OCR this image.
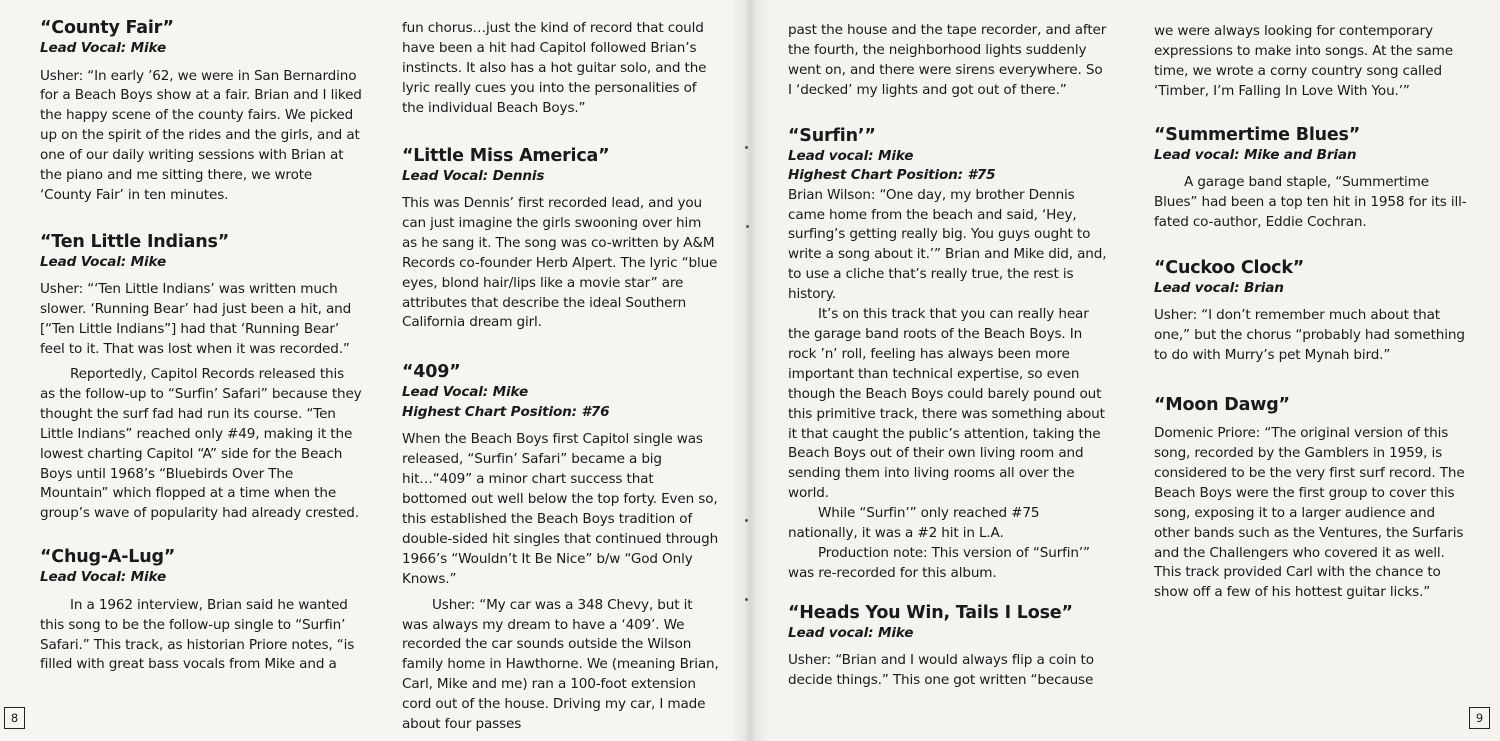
“County Fair”
Lead Vocal: Mike

Usher: “In early ’62, we were in San Bernardino for a Beach Boys show at a fair. Brian and I liked the happy scene of the county fairs. We picked up on the spirit of the rides and the girls, and at one of our daily writing sessions with Brian at the piano and me sitting there, we wrote ‘County Fair’ in ten minutes.

“Ten Little Indians”
Lead Vocal: Mike

Usher: “‘Ten Little Indians’ was written much slower. ‘Running Bear’ had just been a hit, and [“Ten Little Indians”] had that ‘Running Bear’ feel to it. That was lost when it was recorded.”

Reportedly, Capitol Records released this as the follow-up to “Surfin’ Safari” because they thought the surf fad had run its course. “Ten Little Indians” reached only #49, making it the lowest charting Capitol “A” side for the Beach Boys until 1968’s “Bluebirds Over The Mountain” which flopped at a time when the group’s wave of popularity had already crested.

“Chug-A-Lug”
Lead Vocal: Mike

In a 1962 interview, Brian said he wanted this song to be the follow-up single to “Surfin’ Safari.” This track, as historian Priore notes, “is filled with great bass vocals from Mike and a

fun chorus…just the kind of record that could have been a hit had Capitol followed Brian’s instincts. It also has a hot guitar solo, and the lyric really cues you into the personalities of the individual Beach Boys.”

“Little Miss America”
Lead Vocal: Dennis

This was Dennis’ first recorded lead, and you can just imagine the girls swooning over him as he sang it. The song was co-written by A&M Records co-founder Herb Alpert. The lyric “blue eyes, blond hair/lips like a movie star” are attributes that describe the ideal Southern California dream girl.

“409”
Lead Vocal: Mike
Highest Chart Position: #76

When the Beach Boys first Capitol single was released, “Surfin’ Safari” became a big hit…“409” a minor chart success that bottomed out well below the top forty. Even so, this established the Beach Boys tradition of double-sided hit singles that continued through 1966’s “Wouldn’t It Be Nice” b/w “God Only Knows.”

Usher: “My car was a 348 Chevy, but it was always my dream to have a ‘409’. We recorded the car sounds outside the Wilson family home in Hawthorne. We (meaning Brian, Carl, Mike and me) ran a 100-foot extension cord out of the house. Driving my car, I made about four passes

past the house and the tape recorder, and after the fourth, the neighborhood lights suddenly went on, and there were sirens everywhere. So I ‘decked’ my lights and got out of there.”

“Surfin’”
Lead vocal: Mike
Highest Chart Position: #75

Brian Wilson: “One day, my brother Dennis came home from the beach and said, ‘Hey, surfing’s getting really big. You guys ought to write a song about it.’” Brian and Mike did, and, to use a cliche that’s really true, the rest is history.

It’s on this track that you can really hear the garage band roots of the Beach Boys. In rock ’n’ roll, feeling has always been more important than technical expertise, so even though the Beach Boys could barely pound out this primitive track, there was something about it that caught the public’s attention, taking the Beach Boys out of their own living room and sending them into living rooms all over the world.

While “Surfin’” only reached #75 nationally, it was a #2 hit in L.A.

Production note: This version of “Surfin’” was re-recorded for this album.

“Heads You Win, Tails I Lose”
Lead vocal: Mike

Usher: “Brian and I would always flip a coin to decide things.” This one got written “because

we were always looking for contemporary expressions to make into songs. At the same time, we wrote a corny country song called ‘Timber, I’m Falling In Love With You.’”

“Summertime Blues”
Lead vocal: Mike and Brian

A garage band staple, “Summertime Blues” had been a top ten hit in 1958 for its ill-fated co-author, Eddie Cochran.

“Cuckoo Clock”
Lead vocal: Brian

Usher: “I don’t remember much about that one,” but the chorus “probably had something to do with Murry’s pet Mynah bird.”

“Moon Dawg”

Domenic Priore: “The original version of this song, recorded by the Gamblers in 1959, is considered to be the very first surf record. The Beach Boys were the first group to cover this song, exposing it to a larger audience and other bands such as the Ventures, the Surfaris and the Challengers who covered it as well. This track provided Carl with the chance to show off a few of his hottest guitar licks.”

8	9
